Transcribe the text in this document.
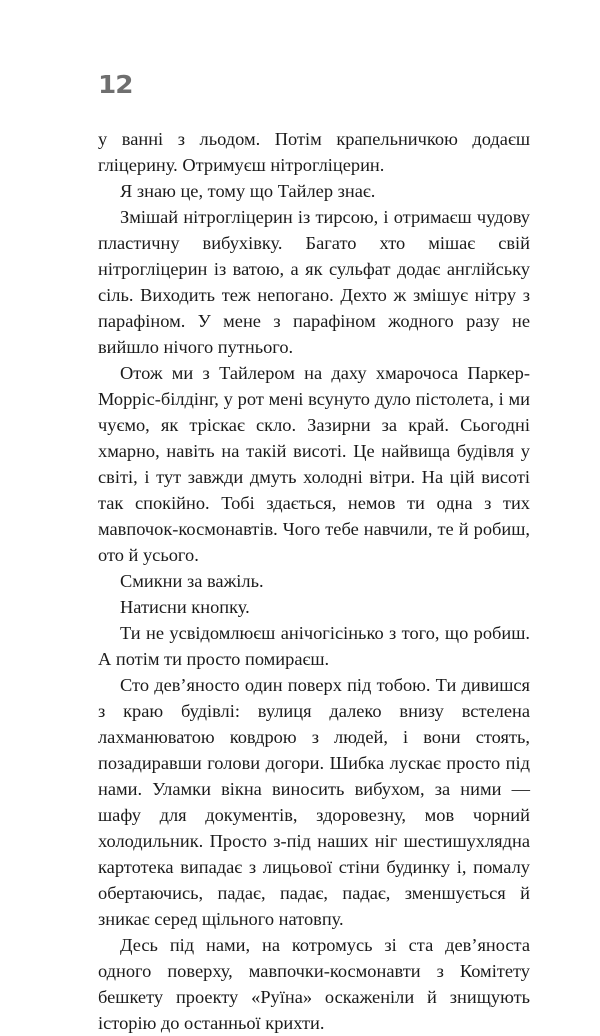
12

у ванні з льодом. Потім крапельничкою додаєш гліцерину. Отримуєш нітрогліцерин.

Я знаю це, тому що Тайлер знає.

Змішай нітрогліцерин із тирсою, і отримаєш чудову пластичну вибухівку. Багато хто мішає свій нітрогліцерин із ватою, а як сульфат додає англійську сіль. Виходить теж непогано. Дехто ж змішує нітру з парафіном. У мене з парафіном жодного разу не вийшло нічого путнього.

Отож ми з Тайлером на даху хмарочоса Паркер-Морріс-білдінг, у рот мені всунуто дуло пістолета, і ми чуємо, як тріскає скло. Зазирни за край. Сьогодні хмарно, навіть на такій висоті. Це найвища будівля у світі, і тут завжди дмуть холодні вітри. На цій висоті так спокійно. Тобі здається, немов ти одна з тих мавпочок-космонавтів. Чого тебе навчили, те й робиш, ото й усього.

Смикни за важіль.

Натисни кнопку.

Ти не усвідомлюєш анічогісінько з того, що робиш. А потім ти просто помираєш.

Сто дев’яносто один поверх під тобою. Ти дивишся з краю будівлі: вулиця далеко внизу встелена лахманюватою ковдрою з людей, і вони стоять, позадиравши голови догори. Шибка лускає просто під нами. Уламки вікна виносить вибухом, за ними — шафу для документів, здоровезну, мов чорний холодильник. Просто з-під наших ніг шестишухлядна картотека випадає з лицьової стіни будинку і, помалу обертаючись, падає, падає, падає, зменшується й зникає серед щільного натовпу.

Десь під нами, на котромусь зі ста дев’яноста одного поверху, мавпочки-космонавти з Комітету бешкету проекту «Руїна» оскаженіли й знищують історію до останньої крихти.
